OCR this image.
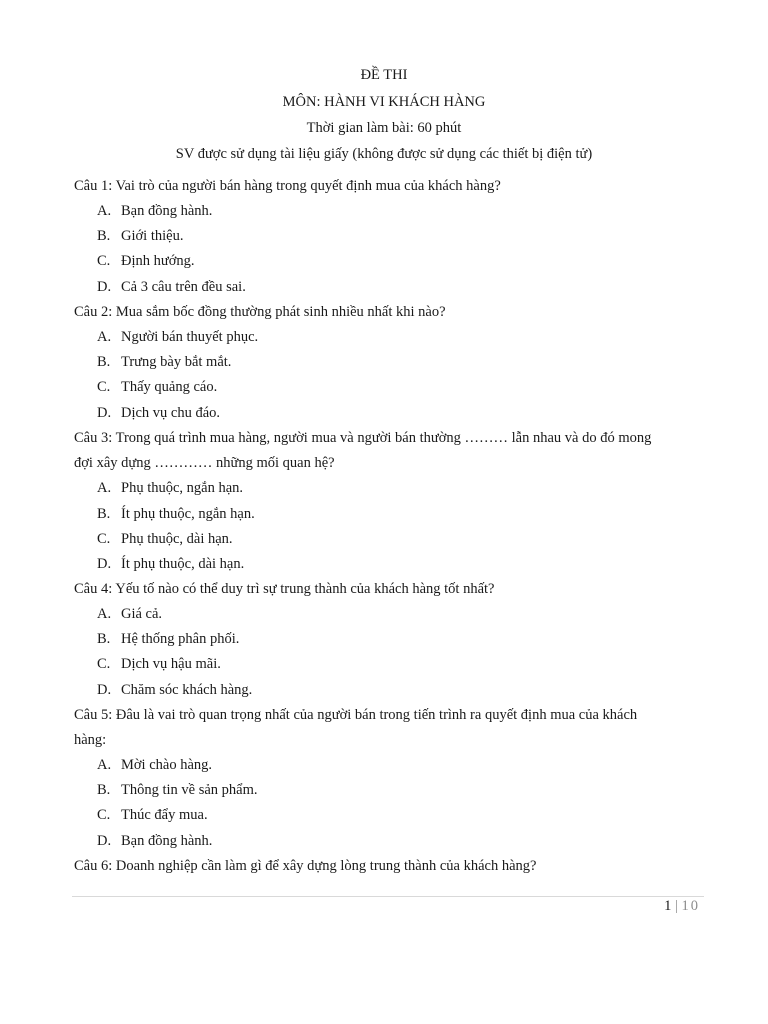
ĐỀ THI
MÔN: HÀNH VI KHÁCH HÀNG
Thời gian làm bài: 60 phút
SV được sử dụng tài liệu giấy (không được sử dụng các thiết bị điện tử)
Câu 1: Vai trò của người bán hàng trong quyết định mua của khách hàng?
A. Bạn đồng hành.
B. Giới thiệu.
C. Định hướng.
D. Cả 3 câu trên đều sai.
Câu 2: Mua sắm bốc đồng thường phát sinh nhiều nhất khi nào?
A. Người bán thuyết phục.
B. Trưng bày bắt mắt.
C. Thấy quảng cáo.
D. Dịch vụ chu đáo.
Câu 3: Trong quá trình mua hàng, người mua và người bán thường ……… lẫn nhau và do đó mong
đợi xây dựng ………… những mối quan hệ?
A. Phụ thuộc, ngắn hạn.
B. Ít phụ thuộc, ngắn hạn.
C. Phụ thuộc, dài hạn.
D. Ít phụ thuộc, dài hạn.
Câu 4: Yếu tố nào có thể duy trì sự trung thành của khách hàng tốt nhất?
A. Giá cả.
B. Hệ thống phân phối.
C. Dịch vụ hậu mãi.
D. Chăm sóc khách hàng.
Câu 5: Đâu là vai trò quan trọng nhất của người bán trong tiến trình ra quyết định mua của khách
hàng:
A. Mời chào hàng.
B. Thông tin về sản phẩm.
C. Thúc đẩy mua.
D. Bạn đồng hành.
Câu 6: Doanh nghiệp cần làm gì để xây dựng lòng trung thành của khách hàng?
1 | 10
